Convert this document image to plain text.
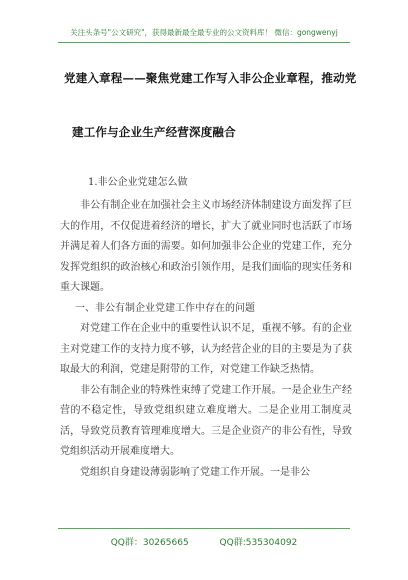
关注头条号"公文研究"，获得最新最全最专业的公文资料库！ 微信：gongwenyj
党建入章程——聚焦党建工作写入非公企业章程，推动党
建工作与企业生产经营深度融合
1.非公企业党建怎么做

非公有制企业在加强社会主义市场经济体制建设方面发挥了巨大的作用，不仅促进着经济的增长，扩大了就业同时也活跃了市场并满足着人们各方面的需要。如何加强非公企业的党建工作，充分发挥党组织的政治核心和政治引领作用，是我们面临的现实任务和重大课题。

一、非公有制企业党建工作中存在的问题

对党建工作在企业中的重要性认识不足，重视不够。有的企业主对党建工作的支持力度不够，认为经营企业的目的主要是为了获取最大的利润，党建是附带的工作，对党建工作缺乏热情。

非公有制企业的特殊性束缚了党建工作开展。一是企业生产经营的不稳定性，导致党组织建立难度增大。二是企业用工制度灵活，导致党员教育管理难度增大。三是企业资产的非公有性，导致党组织活动开展难度增大。

党组织自身建设薄弱影响了党建工作开展。一是非公

QQ群：30265665	QQ群:535304092
